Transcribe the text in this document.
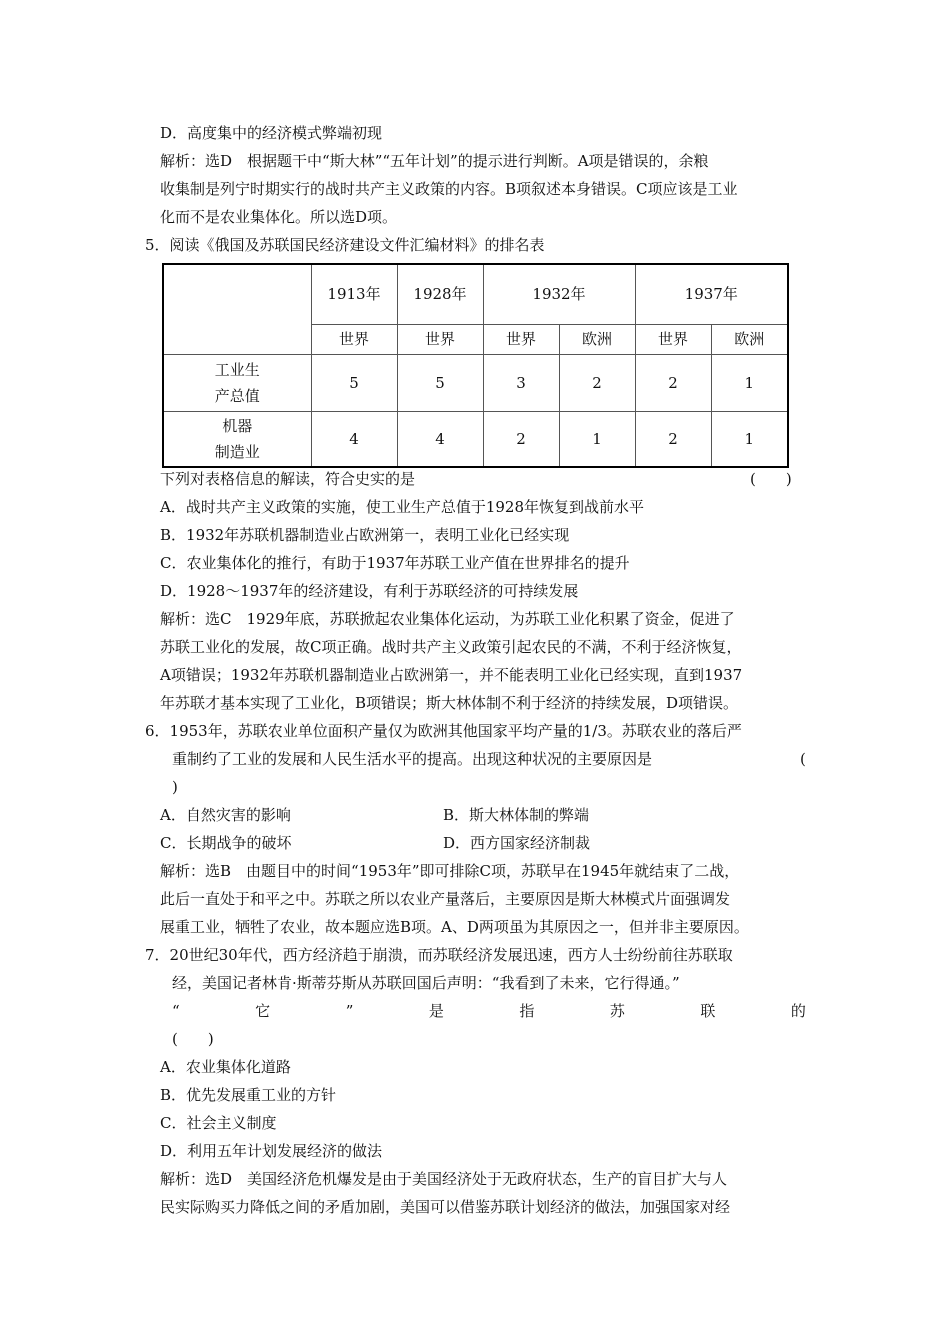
D．高度集中的经济模式弊端初现
解析：选D　根据题干中“斯大林”“五年计划”的提示进行判断。A项是错误的，余粮
收集制是列宁时期实行的战时共产主义政策的内容。B项叙述本身错误。C项应该是工业
化而不是农业集体化。所以选D项。
5．阅读《俄国及苏联国民经济建设文件汇编材料》的排名表
	1913年	1928年	1932年		1937年	
	世界	世界	世界	欧洲	世界	欧洲

工业生
产总值	5	5	3	2	2	1

机器
制造业	4	4	2	1	2	1
下列对表格信息的解读，符合史实的是	(　　)
A．战时共产主义政策的实施，使工业生产总值于1928年恢复到战前水平
B．1932年苏联机器制造业占欧洲第一，表明工业化已经实现
C．农业集体化的推行，有助于1937年苏联工业产值在世界排名的提升
D．1928～1937年的经济建设，有利于苏联经济的可持续发展
解析：选C　1929年底，苏联掀起农业集体化运动，为苏联工业化积累了资金，促进了
苏联工业化的发展，故C项正确。战时共产主义政策引起农民的不满，不利于经济恢复，
A项错误；1932年苏联机器制造业占欧洲第一，并不能表明工业化已经实现，直到1937
年苏联才基本实现了工业化，B项错误；斯大林体制不利于经济的持续发展，D项错误。
6．1953年，苏联农业单位面积产量仅为欧洲其他国家平均产量的1/3。苏联农业的落后严
重制约了工业的发展和人民生活水平的提高。出现这种状况的主要原因是	(
)
A．自然灾害的影响	B．斯大林体制的弊端
C．长期战争的破坏	D．西方国家经济制裁
解析：选B　由题目中的时间“1953年”即可排除C项，苏联早在1945年就结束了二战，
此后一直处于和平之中。苏联之所以农业产量落后，主要原因是斯大林模式片面强调发
展重工业，牺牲了农业，故本题应选B项。A、D两项虽为其原因之一，但并非主要原因。
7．20世纪30年代，西方经济趋于崩溃，而苏联经济发展迅速，西方人士纷纷前往苏联取
经，美国记者林肯·斯蒂芬斯从苏联回国后声明：“我看到了未来，它行得通。”
“	它	”	是	指	苏	联	的
(　　)
A．农业集体化道路
B．优先发展重工业的方针
C．社会主义制度
D．利用五年计划发展经济的做法
解析：选D　美国经济危机爆发是由于美国经济处于无政府状态，生产的盲目扩大与人
民实际购买力降低之间的矛盾加剧，美国可以借鉴苏联计划经济的做法，加强国家对经
